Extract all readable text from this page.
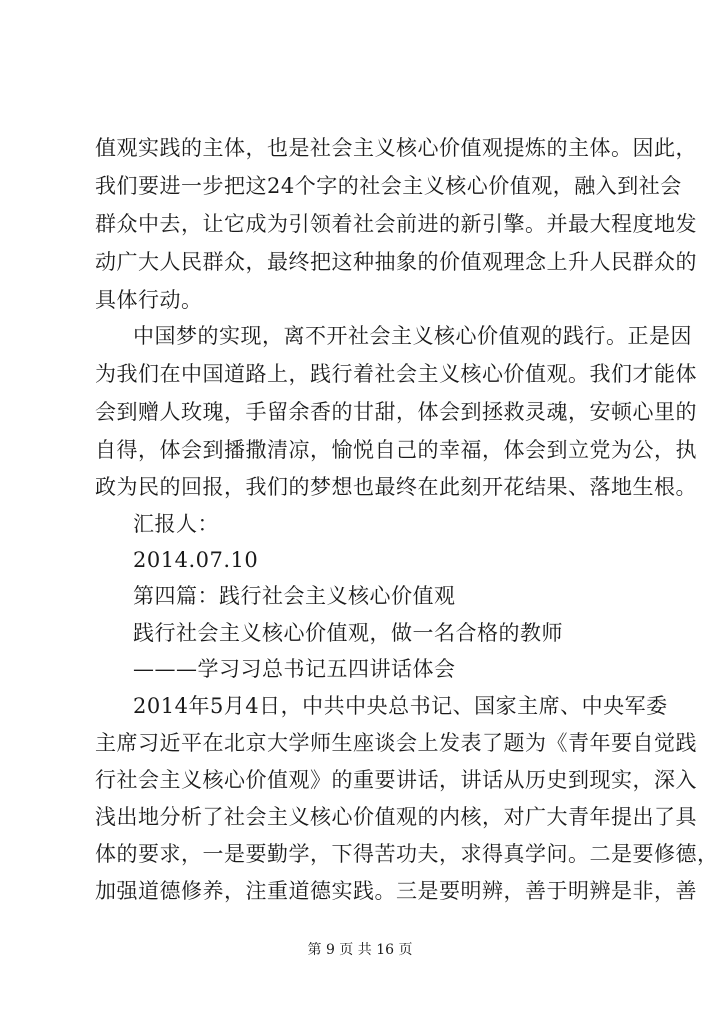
值观实践的主体，也是社会主义核心价值观提炼的主体。因此，
我们要进一步把这24个字的社会主义核心价值观，融入到社会
群众中去，让它成为引领着社会前进的新引擎。并最大程度地发
动广大人民群众，最终把这种抽象的价值观理念上升人民群众的
具体行动。
中国梦的实现，离不开社会主义核心价值观的践行。正是因
为我们在中国道路上，践行着社会主义核心价值观。我们才能体
会到赠人玫瑰，手留余香的甘甜，体会到拯救灵魂，安顿心里的
自得，体会到播撒清凉，愉悦自己的幸福，体会到立党为公，执
政为民的回报，我们的梦想也最终在此刻开花结果、落地生根。
汇报人：
2014.07.10
第四篇：践行社会主义核心价值观
践行社会主义核心价值观，做一名合格的教师
———学习习总书记五四讲话体会
2014年5月4日，中共中央总书记、国家主席、中央军委
主席习近平在北京大学师生座谈会上发表了题为《青年要自觉践
行社会主义核心价值观》的重要讲话，讲话从历史到现实，深入
浅出地分析了社会主义核心价值观的内核，对广大青年提出了具
体的要求，一是要勤学，下得苦功夫，求得真学问。二是要修德，
加强道德修养，注重道德实践。三是要明辨，善于明辨是非，善
第 9 页 共 16 页
